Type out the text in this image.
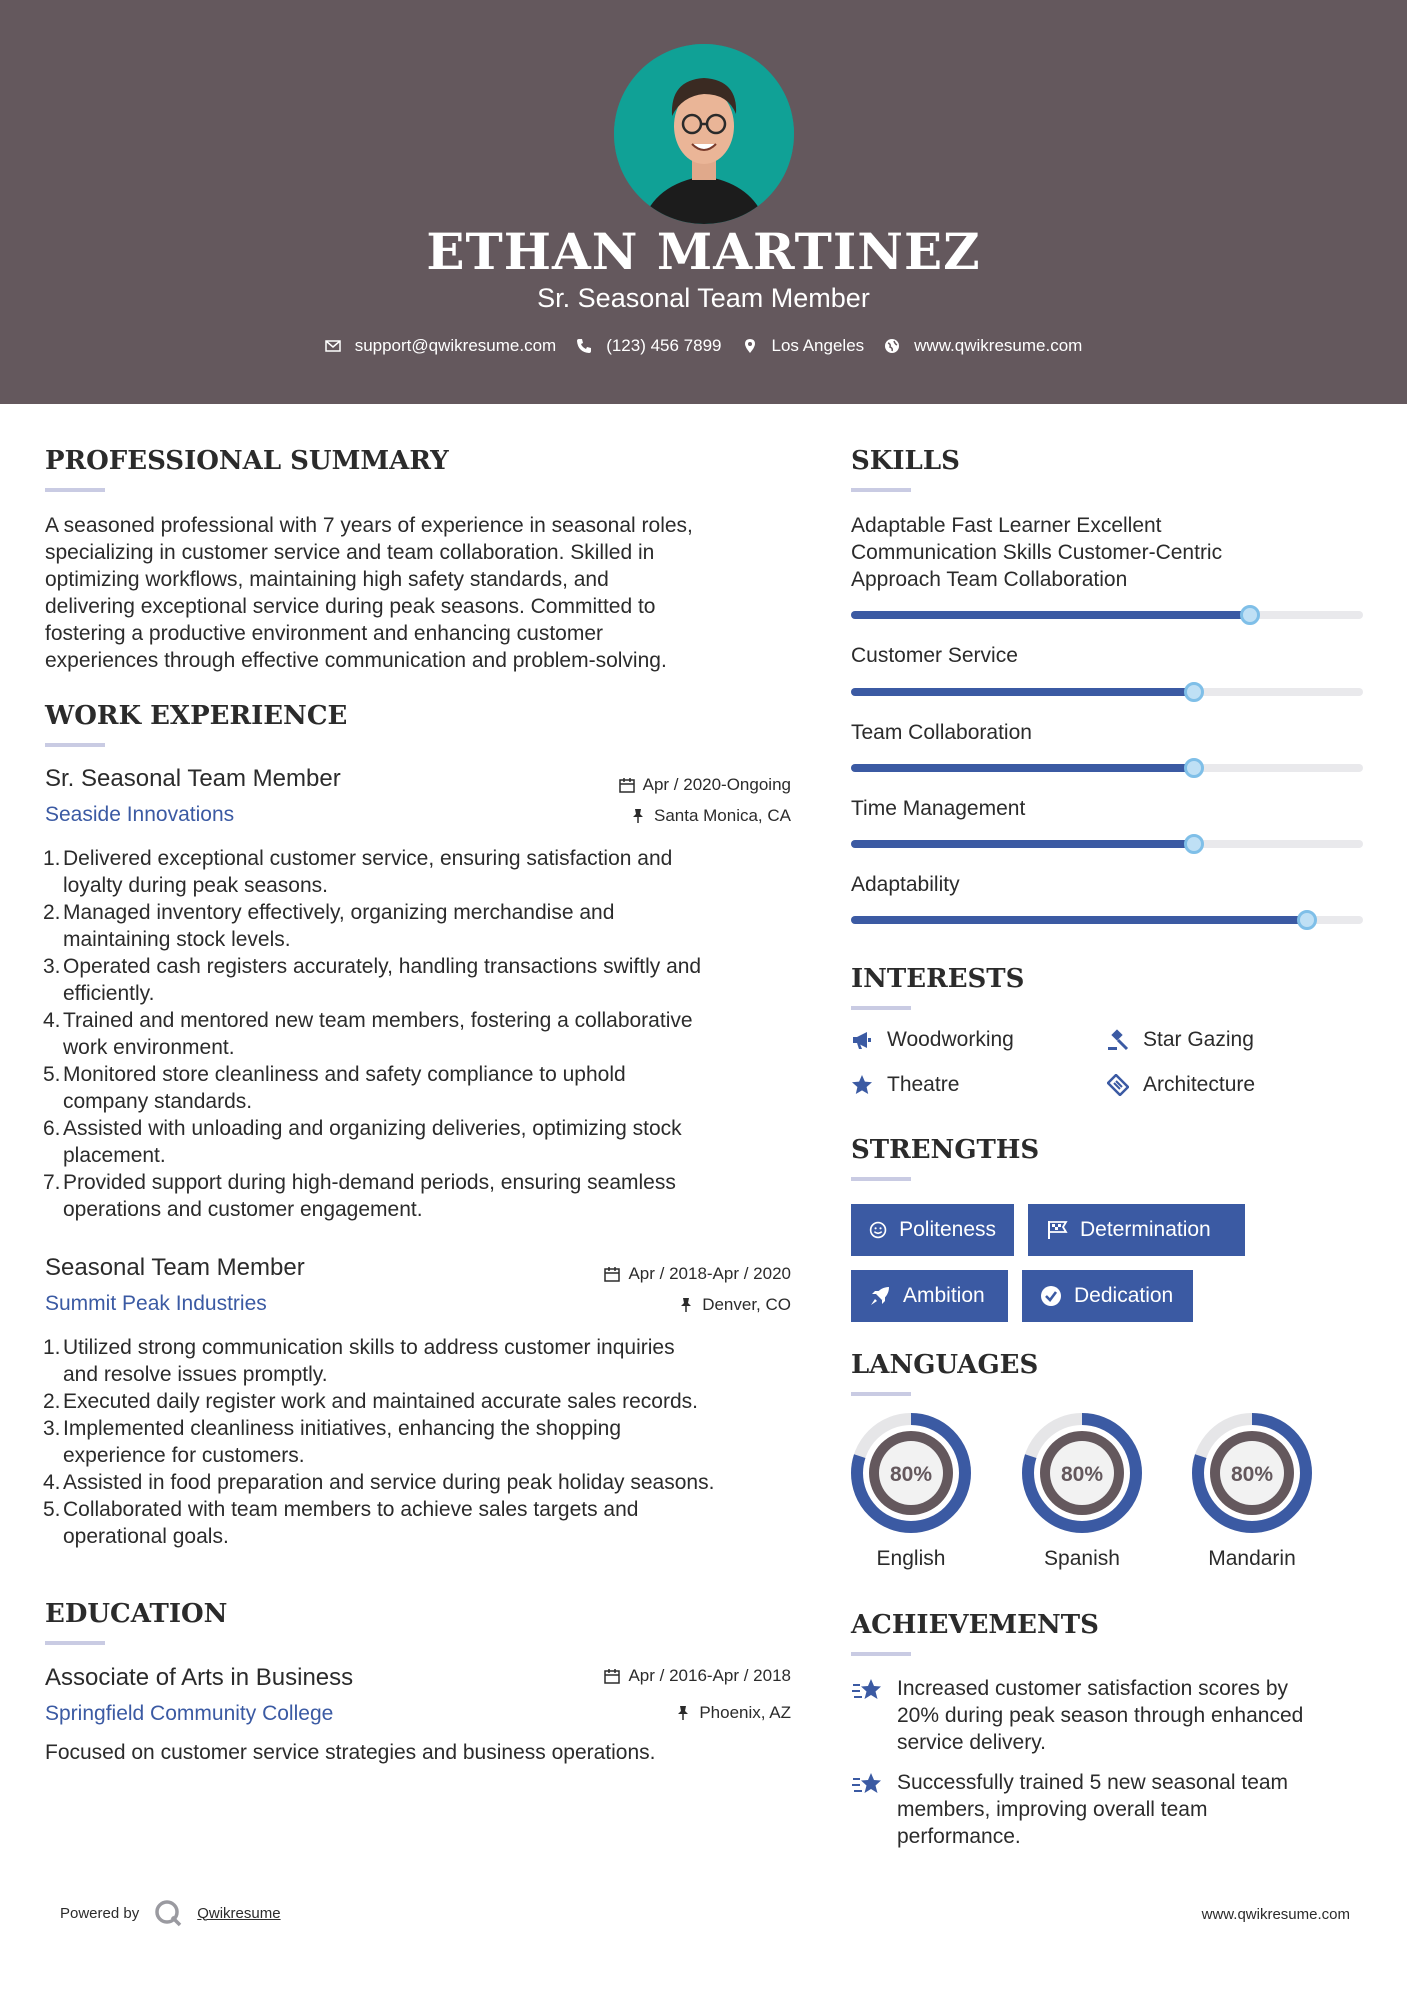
ETHAN MARTINEZ
Sr. Seasonal Team Member
support@qwikresume.com	(123) 456 7899	Los Angeles	www.qwikresume.com
PROFESSIONAL SUMMARY
A seasoned professional with 7 years of experience in seasonal roles,
specializing in customer service and team collaboration. Skilled in
optimizing workflows, maintaining high safety standards, and
delivering exceptional service during peak seasons. Committed to
fostering a productive environment and enhancing customer
experiences through effective communication and problem-solving.
WORK EXPERIENCE
Sr. Seasonal Team Member
Seaside Innovations
Apr / 2020-Ongoing
Santa Monica, CA
1. Delivered exceptional customer service, ensuring satisfaction and
loyalty during peak seasons.
2. Managed inventory effectively, organizing merchandise and
maintaining stock levels.
3. Operated cash registers accurately, handling transactions swiftly and
efficiently.
4. Trained and mentored new team members, fostering a collaborative
work environment.
5. Monitored store cleanliness and safety compliance to uphold
company standards.
6. Assisted with unloading and organizing deliveries, optimizing stock
placement.
7. Provided support during high-demand periods, ensuring seamless
operations and customer engagement.
Seasonal Team Member
Summit Peak Industries
Apr / 2018-Apr / 2020
Denver, CO
1. Utilized strong communication skills to address customer inquiries
and resolve issues promptly.
2. Executed daily register work and maintained accurate sales records.
3. Implemented cleanliness initiatives, enhancing the shopping
experience for customers.
4. Assisted in food preparation and service during peak holiday seasons.
5. Collaborated with team members to achieve sales targets and
operational goals.
EDUCATION
Associate of Arts in Business
Springfield Community College
Apr / 2016-Apr / 2018
Phoenix, AZ
Focused on customer service strategies and business operations.
SKILLS
Adaptable Fast Learner Excellent
Communication Skills Customer-Centric
Approach Team Collaboration
Customer Service
Team Collaboration
Time Management
Adaptability
INTERESTS
Woodworking	Star Gazing
Theatre	Architecture
STRENGTHS
Politeness	Determination
Ambition	Dedication
LANGUAGES
80%
English
80%
Spanish
80%
Mandarin
ACHIEVEMENTS
Increased customer satisfaction scores by
20% during peak season through enhanced
service delivery.
Successfully trained 5 new seasonal team
members, improving overall team
performance.
Powered by	Qwikresume	www.qwikresume.com
